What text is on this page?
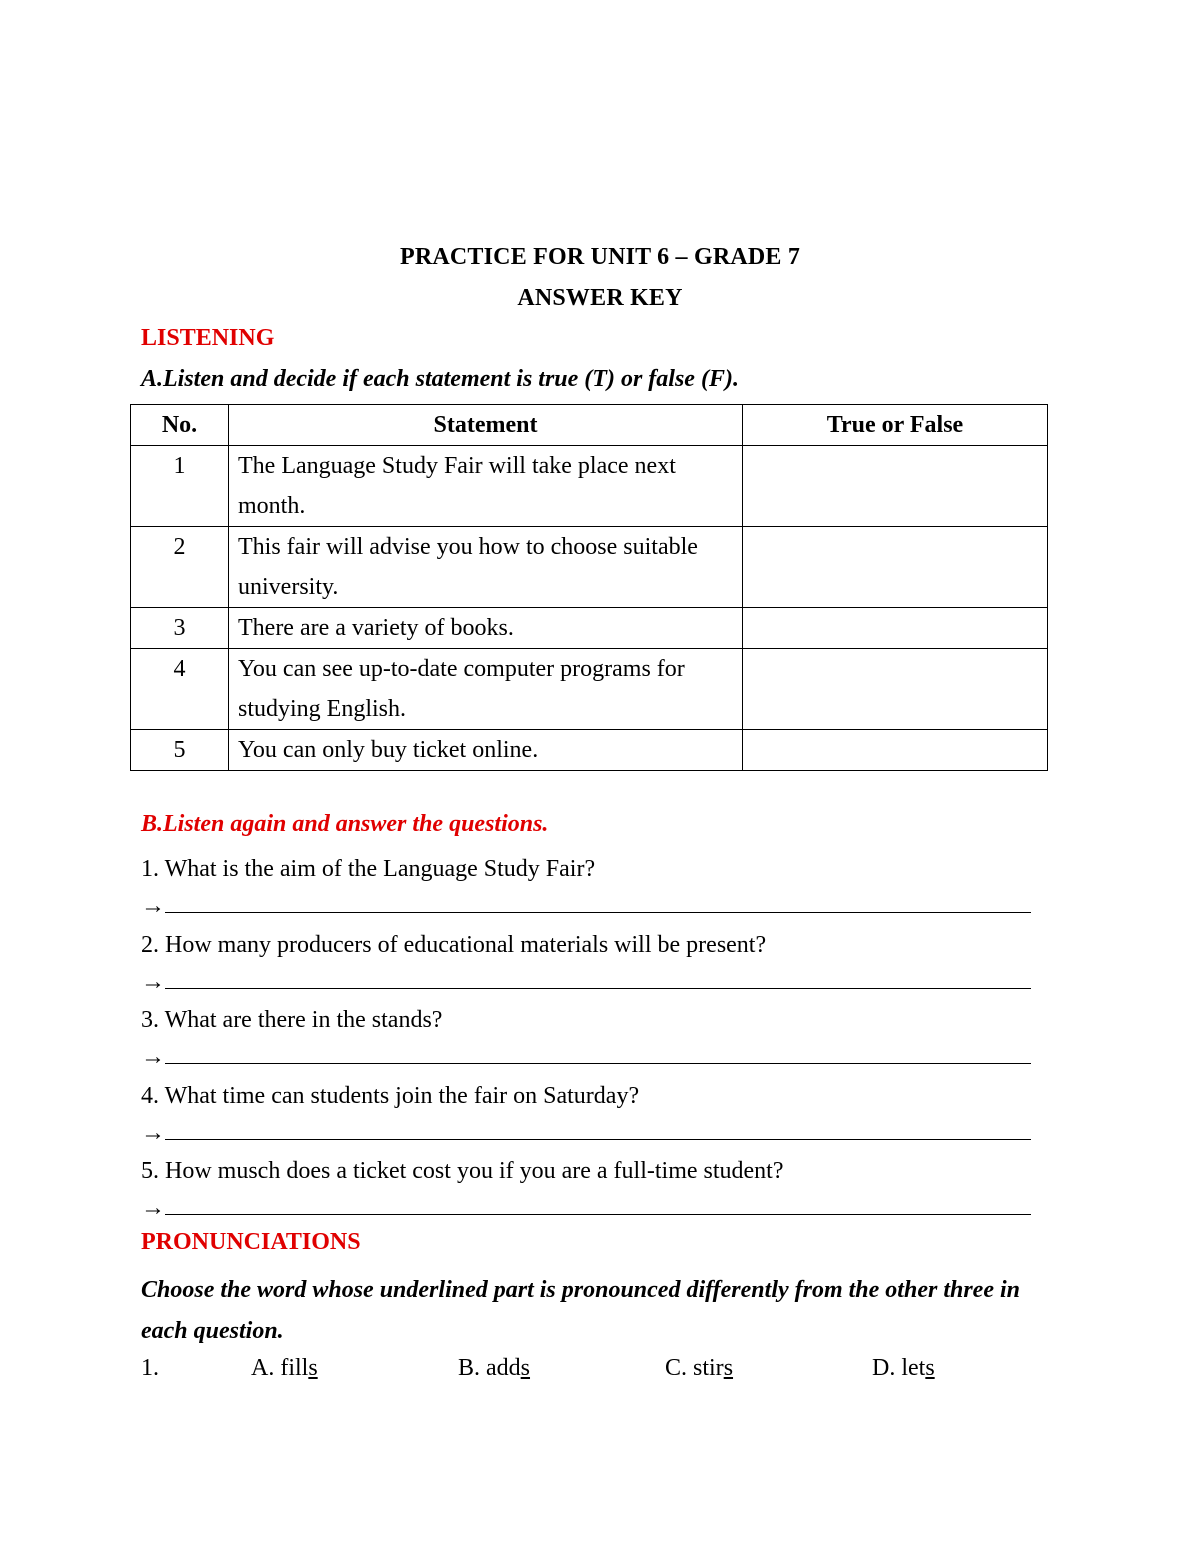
PRACTICE FOR UNIT 6 – GRADE 7
ANSWER KEY
LISTENING
A.Listen and decide if each statement is true (T) or false (F).
No.	Statement	True or False
1	The Language Study Fair will take place next month.	
2	This fair will advise you how to choose suitable university.	
3	There are a variety of books.	
4	You can see up-to-date computer programs for studying English.	
5	You can only buy ticket online.	
B.Listen again and answer the questions.
1. What is the aim of the Language Study Fair?
→
2. How many producers of educational materials will be present?
→
3. What are there in the stands?
→
4. What time can students join the fair on Saturday?
→
5. How musch does a ticket cost you if you are a full-time student?
→
PRONUNCIATIONS
Choose the word whose underlined part is pronounced differently from the other three in each question.
1.	A. fills	B. adds	C. stirs	D. lets
